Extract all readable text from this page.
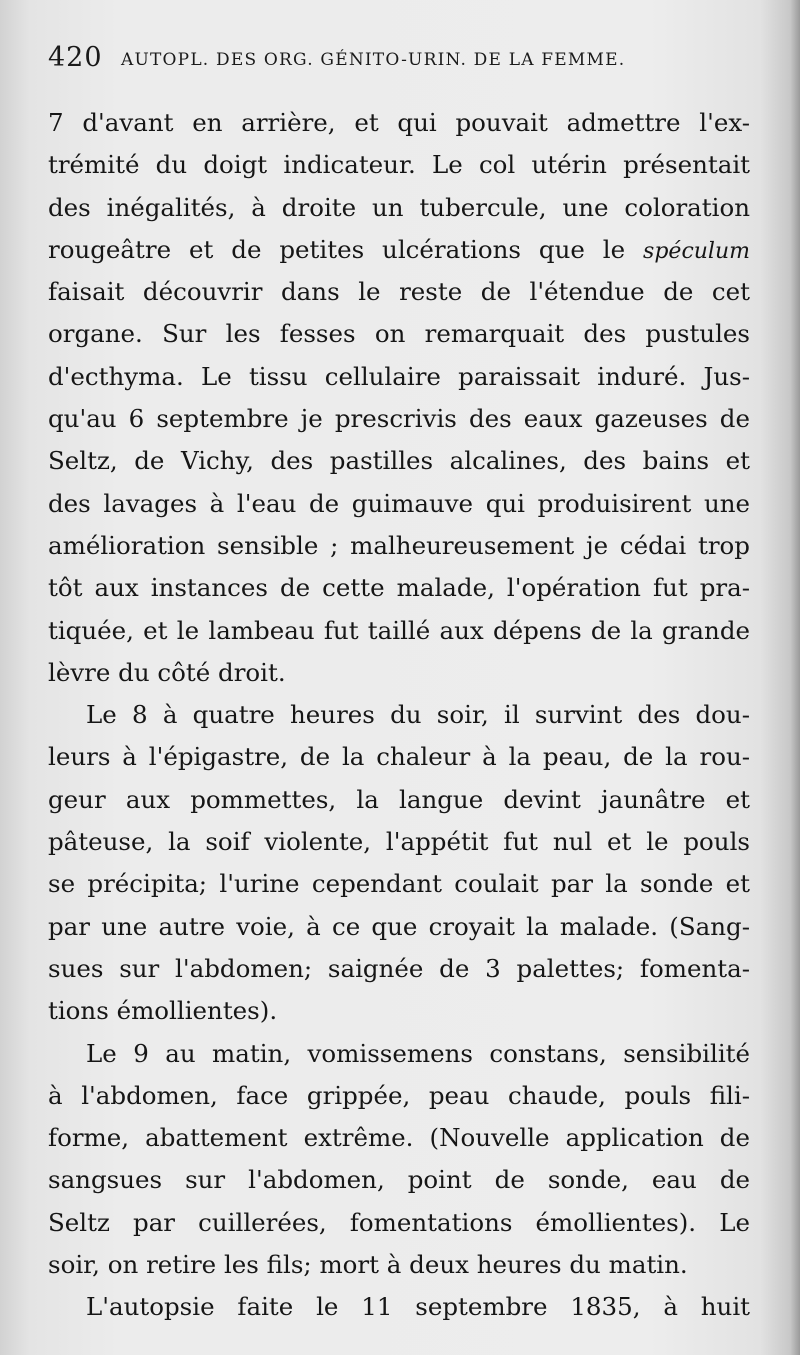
420 AUTOPL. DES ORG. GÉNITO-URIN. DE LA FEMME.
7 d'avant en arrière, et qui pouvait admettre l'ex-
trémité du doigt indicateur. Le col utérin présentait
des inégalités, à droite un tubercule, une coloration
rougeâtre et de petites ulcérations que le spéculum
faisait découvrir dans le reste de l'étendue de cet
organe. Sur les fesses on remarquait des pustules
d'ecthyma. Le tissu cellulaire paraissait induré. Jus-
qu'au 6 septembre je prescrivis des eaux gazeuses de
Seltz, de Vichy, des pastilles alcalines, des bains et
des lavages à l'eau de guimauve qui produisirent une
amélioration sensible ; malheureusement je cédai trop
tôt aux instances de cette malade, l'opération fut pra-
tiquée, et le lambeau fut taillé aux dépens de la grande
lèvre du côté droit.
Le 8 à quatre heures du soir, il survint des dou-
leurs à l'épigastre, de la chaleur à la peau, de la rou-
geur aux pommettes, la langue devint jaunâtre et
pâteuse, la soif violente, l'appétit fut nul et le pouls
se précipita; l'urine cependant coulait par la sonde et
par une autre voie, à ce que croyait la malade. (Sang-
sues sur l'abdomen; saignée de 3 palettes; fomenta-
tions émollientes).
Le 9 au matin, vomissemens constans, sensibilité
à l'abdomen, face grippée, peau chaude, pouls fili-
forme, abattement extrême. (Nouvelle application de
sangsues sur l'abdomen, point de sonde, eau de
Seltz par cuillerées, fomentations émollientes). Le
soir, on retire les fils; mort à deux heures du matin.
L'autopsie faite le 11 septembre 1835, à huit
